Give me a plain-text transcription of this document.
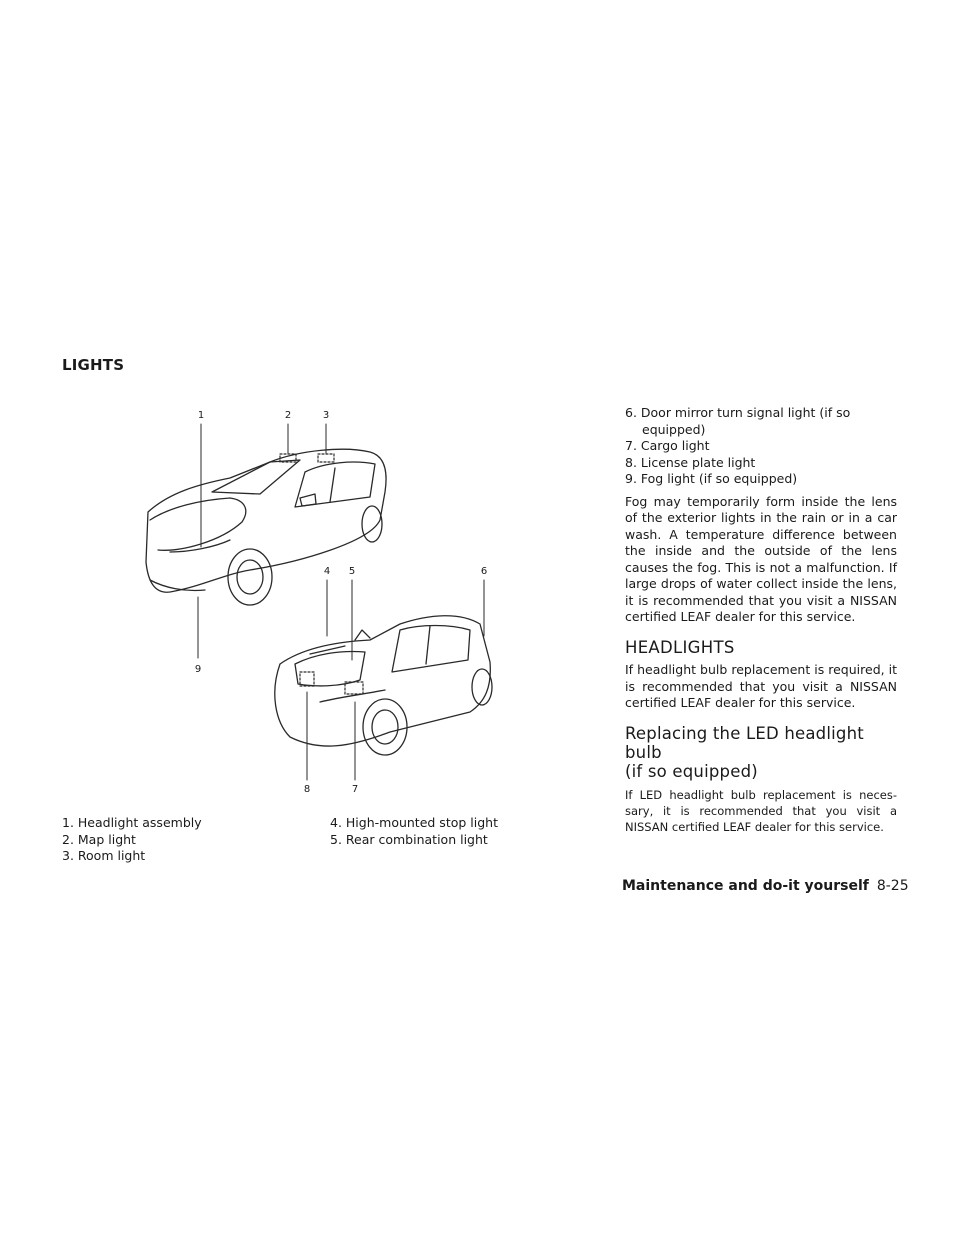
LIGHTS
1	2	3
4 5	6
7
8
9
1. Headlight assembly
2. Map light
3. Room light
4. High-mounted stop light
5. Rear combination light
6. Door mirror turn signal light (if so
equipped)
7. Cargo light
8. License plate light
9. Fog light (if so equipped)

Fog may temporarily form inside the lens of the exterior lights in the rain or in a car wash. A temperature difference between the inside and the outside of the lens causes the fog. This is not a malfunction. If large drops of water collect inside the lens, it is recommended that you visit a NISSAN certified LEAF dealer for this service.

HEADLIGHTS

If headlight bulb replacement is required, it is recommended that you visit a NISSAN certified LEAF dealer for this service.

Replacing the LED headlight bulb
(if so equipped)

If LED headlight bulb replacement is neces-sary, it is recommended that you visit a NISSAN certified LEAF dealer for this service.

Maintenance and do-it yourself 8-25
